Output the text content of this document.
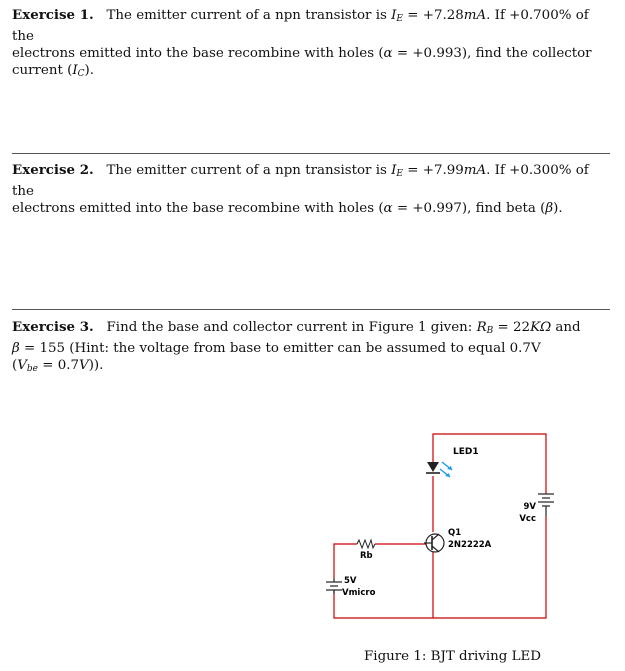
Exercise 1. The emitter current of a npn transistor is $I_E = +7.28mA$. If +0.700% of the
electrons emitted into the base recombine with holes (α = +0.993), find the collector
current $(I_C)$.
Exercise 2. The emitter current of a npn transistor is $I_E = +7.99mA$. If +0.300% of the
electrons emitted into the base recombine with holes (α = +0.997), find beta (β).
Exercise 3. Find the base and collector current in Figure 1 given: $R_B = 22K\Omega$ and
β = 155 (Hint: the voltage from base to emitter can be assumed to equal 0.7V
$(V_{be} = 0.7V)$).
LED1
Q1
2N2222A
Rb
5V
Vmicro
9V
Vcc
Figure 1: BJT driving LED
